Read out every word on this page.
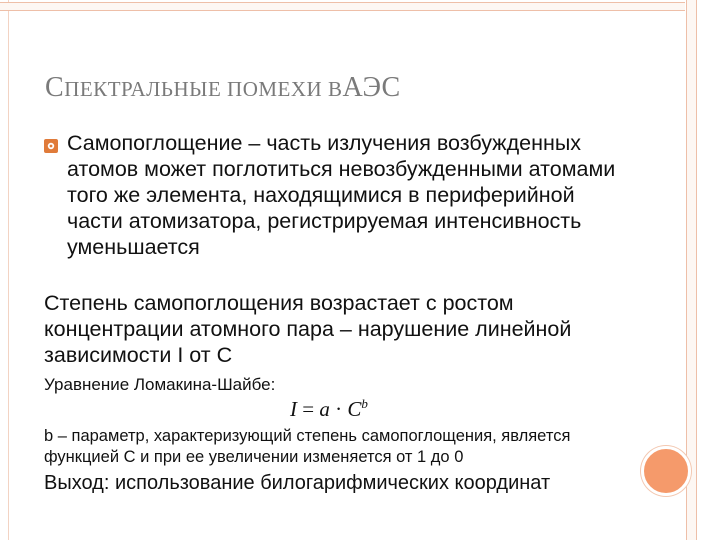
СПЕКТРАЛЬНЫЕ ПОМЕХИ ВАЭС
Самопоглощение – часть излучения возбужденных атомов может поглотиться невозбужденными атомами того же элемента, находящимися в периферийной части атомизатора, регистрируемая интенсивность уменьшается
Степень самопоглощения возрастает с ростом концентрации атомного пара – нарушение линейной зависимости I от C
Уравнение Ломакина-Шайбе:
$I = a \cdot C^b$
b – параметр, характеризующий степень самопоглощения, является функцией C и при ее увеличении изменяется от 1 до 0
Выход: использование билогарифмических координат
